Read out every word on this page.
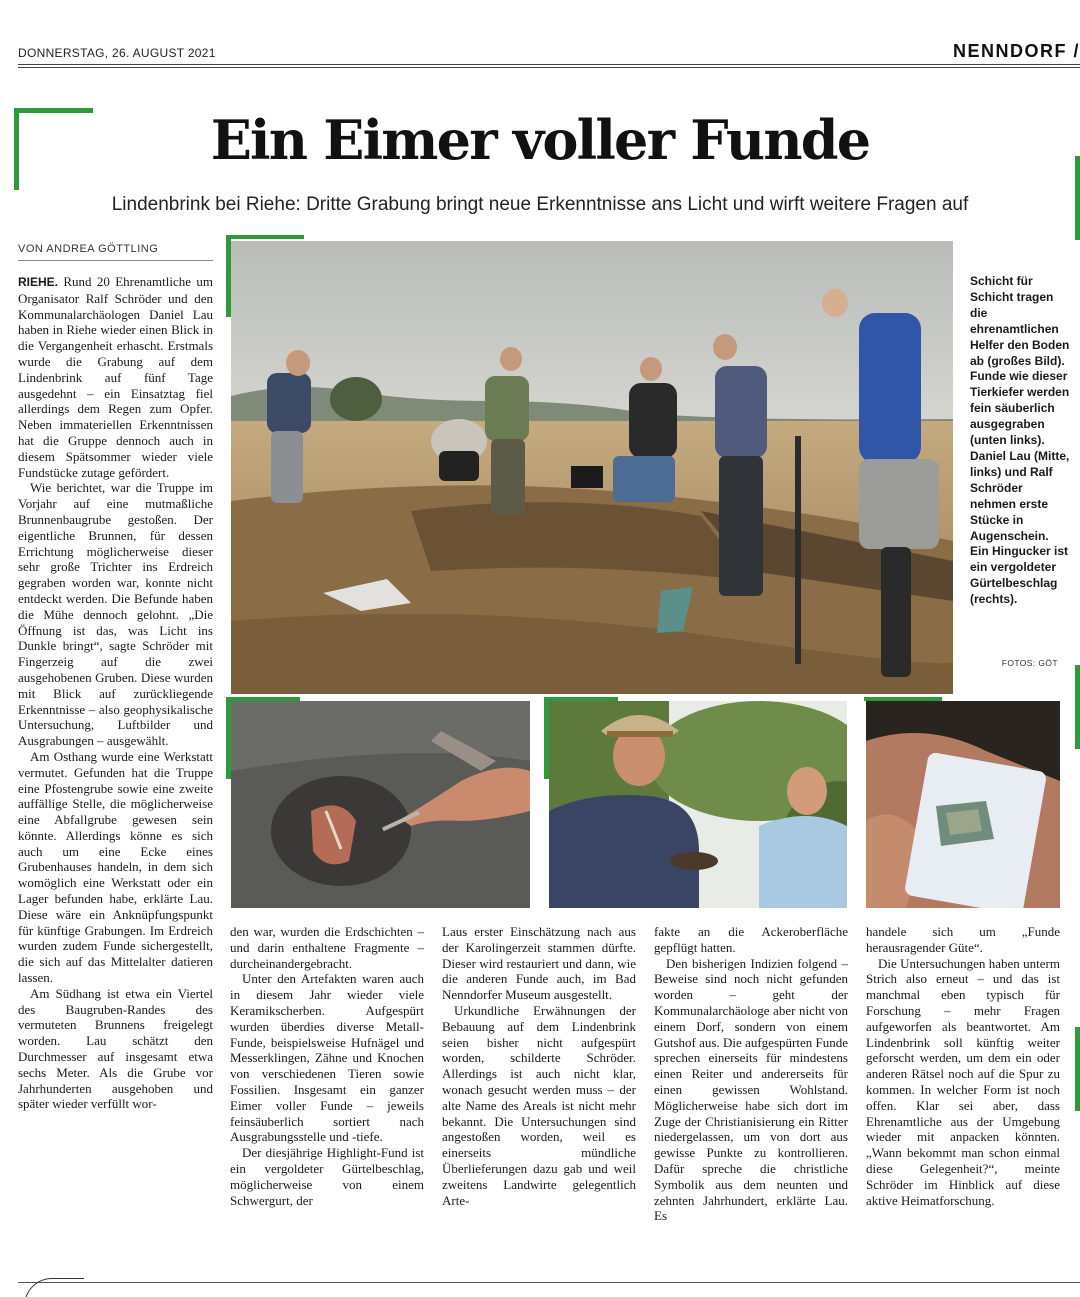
DONNERSTAG, 26. AUGUST 2021	NENNDORF /
Ein Eimer voller Funde
Lindenbrink bei Riehe: Dritte Grabung bringt neue Erkenntnisse ans Licht und wirft weitere Fragen auf
VON ANDREA GÖTTLING
Schicht für Schicht tragen die ehrenamtlichen Helfer den Boden ab (großes Bild). Funde wie dieser Tierkiefer werden fein säuberlich ausgegraben (unten links). Daniel Lau (Mitte, links) und Ralf Schröder nehmen erste Stücke in Augenschein. Ein Hingucker ist ein vergoldeter Gürtelbeschlag (rechts).
FOTOS: GÖT

RIEHE. Rund 20 Ehrenamtliche um Organisator Ralf Schröder und den Kommunalarchäologen Daniel Lau haben in Riehe wieder einen Blick in die Vergangenheit erhascht. Erstmals wurde die Grabung auf dem Lindenbrink auf fünf Tage ausgedehnt – ein Einsatztag fiel allerdings dem Regen zum Opfer. Neben immateriellen Erkenntnissen hat die Gruppe dennoch auch in diesem Spätsommer wieder viele Fundstücke zutage gefördert.

Wie berichtet, war die Truppe im Vorjahr auf eine mutmaßliche Brunnenbaugrube gestoßen. Der eigentliche Brunnen, für dessen Errichtung möglicherweise dieser sehr große Trichter ins Erdreich gegraben worden war, konnte nicht entdeckt werden. Die Befunde haben die Mühe dennoch gelohnt. „Die Öffnung ist das, was Licht ins Dunkle bringt“, sagte Schröder mit Fingerzeig auf die zwei ausgehobenen Gruben. Diese wurden mit Blick auf zurückliegende Erkenntnisse – also geophysikalische Untersuchung, Luftbilder und Ausgrabungen – ausgewählt.

Am Osthang wurde eine Werkstatt vermutet. Gefunden hat die Truppe eine Pfostengrube sowie eine zweite auffällige Stelle, die möglicherweise eine Abfallgrube gewesen sein könnte. Allerdings könne es sich auch um eine Ecke eines Grubenhauses handeln, in dem sich womöglich eine Werkstatt oder ein Lager befunden habe, erklärte Lau. Diese wäre ein Anknüpfungspunkt für künftige Grabungen. Im Erdreich wurden zudem Funde sichergestellt, die sich auf das Mittelalter datieren lassen.

Am Südhang ist etwa ein Viertel des Baugruben-Randes des vermuteten Brunnens freigelegt worden. Lau schätzt den Durchmesser auf insgesamt etwa sechs Meter. Als die Grube vor Jahrhunderten ausgehoben und später wieder verfüllt wor-

den war, wurden die Erdschichten – und darin enthaltene Fragmente – durcheinandergebracht.

Unter den Artefakten waren auch in diesem Jahr wieder viele Keramikscherben. Aufgespürt wurden überdies diverse Metall-Funde, beispielsweise Hufnägel und Messerklingen, Zähne und Knochen von verschiedenen Tieren sowie Fossilien. Insgesamt ein ganzer Eimer voller Funde – jeweils feinsäuberlich sortiert nach Ausgrabungsstelle und -tiefe.

Der diesjährige Highlight-Fund ist ein vergoldeter Gürtelbeschlag, möglicherweise von einem Schwergurt, der

Laus erster Einschätzung nach aus der Karolingerzeit stammen dürfte. Dieser wird restauriert und dann, wie die anderen Funde auch, im Bad Nenndorfer Museum ausgestellt.

Urkundliche Erwähnungen der Bebauung auf dem Lindenbrink seien bisher nicht aufgespürt worden, schilderte Schröder. Allerdings ist auch nicht klar, wonach gesucht werden muss – der alte Name des Areals ist nicht mehr bekannt. Die Untersuchungen sind angestoßen worden, weil es einerseits mündliche Überlieferungen dazu gab und weil zweitens Landwirte gelegentlich Arte-

fakte an die Ackeroberfläche gepflügt hatten.

Den bisherigen Indizien folgend – Beweise sind noch nicht gefunden worden – geht der Kommunalarchäologe aber nicht von einem Dorf, sondern von einem Gutshof aus. Die aufgespürten Funde sprechen einerseits für mindestens einen Reiter und andererseits für einen gewissen Wohlstand. Möglicherweise habe sich dort im Zuge der Christianisierung ein Ritter niedergelassen, um von dort aus gewisse Punkte zu kontrollieren. Dafür spreche die christliche Symbolik aus dem neunten und zehnten Jahrhundert, erklärte Lau. Es

handele sich um „Funde herausragender Güte“.

Die Untersuchungen haben unterm Strich also erneut – und das ist manchmal eben typisch für Forschung – mehr Fragen aufgeworfen als beantwortet. Am Lindenbrink soll künftig weiter geforscht werden, um dem ein oder anderen Rätsel noch auf die Spur zu kommen. In welcher Form ist noch offen. Klar sei aber, dass Ehrenamtliche aus der Umgebung wieder mit anpacken könnten. „Wann bekommt man schon einmal diese Gelegenheit?“, meinte Schröder im Hinblick auf diese aktive Heimatforschung.
